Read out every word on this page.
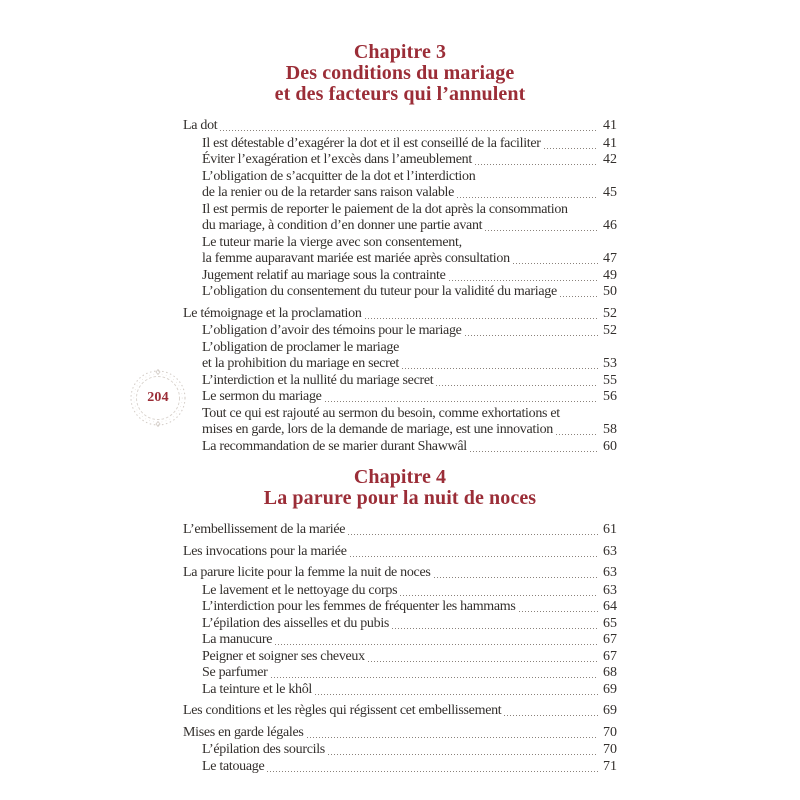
204
Chapitre 3
Des conditions du mariage
et des facteurs qui l’annulent
La dot	41
Il est détestable d’exagérer la dot et il est conseillé de la faciliter	41
Éviter l’exagération et l’excès dans l’ameublement	42
L’obligation de s’acquitter de la dot et l’interdiction
de la renier ou de la retarder sans raison valable	45
Il est permis de reporter le paiement de la dot après la consommation
du mariage, à condition d’en donner une partie avant	46
Le tuteur marie la vierge avec son consentement,
la femme auparavant mariée est mariée après consultation	47
Jugement relatif au mariage sous la contrainte	49
L’obligation du consentement du tuteur pour la validité du mariage	50
Le témoignage et la proclamation	52
L’obligation d’avoir des témoins pour le mariage	52
L’obligation de proclamer le mariage
et la prohibition du mariage en secret	53
L’interdiction et la nullité du mariage secret	55
Le sermon du mariage	56
Tout ce qui est rajouté au sermon du besoin, comme exhortations et
mises en garde, lors de la demande de mariage, est une innovation	58
La recommandation de se marier durant Shawwâl	60
Chapitre 4
La parure pour la nuit de noces
L’embellissement de la mariée	61
Les invocations pour la mariée	63
La parure licite pour la femme la nuit de noces	63
Le lavement et le nettoyage du corps	63
L’interdiction pour les femmes de fréquenter les hammams	64
L’épilation des aisselles et du pubis	65
La manucure	67
Peigner et soigner ses cheveux	67
Se parfumer	68
La teinture et le khôl	69
Les conditions et les règles qui régissent cet embellissement	69
Mises en garde légales	70
L’épilation des sourcils	70
Le tatouage	71
